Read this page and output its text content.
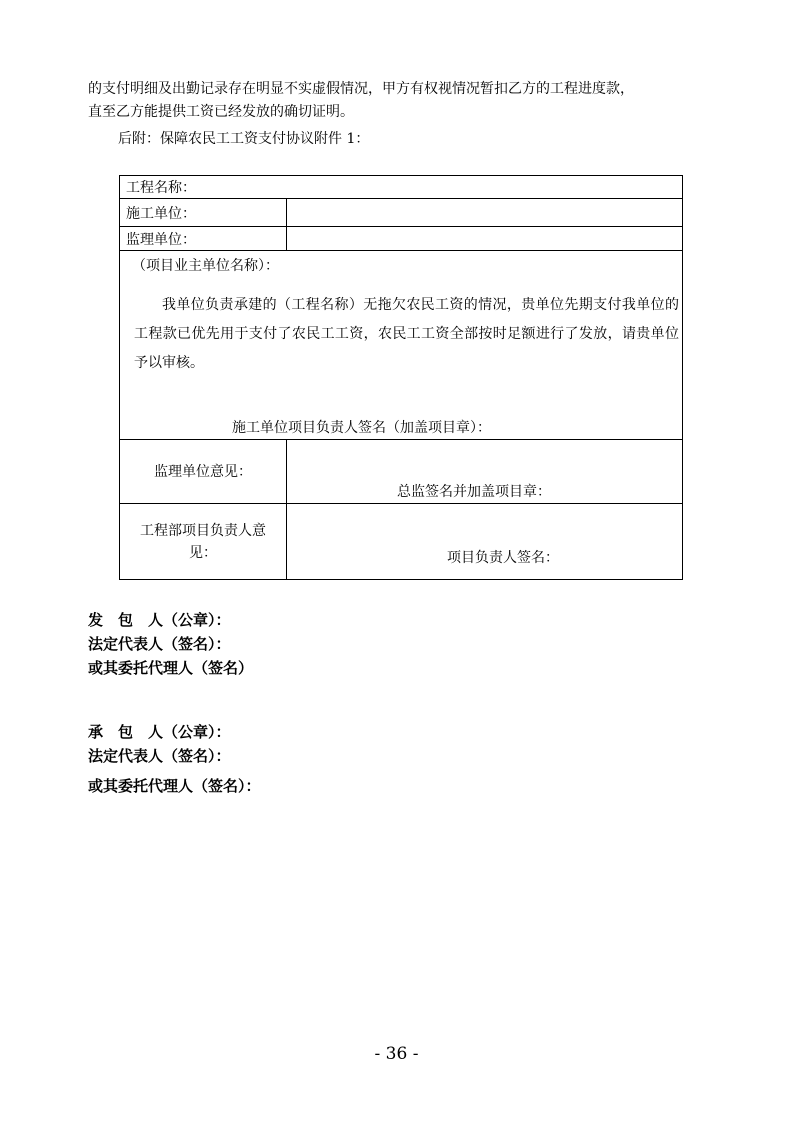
的支付明细及出勤记录存在明显不实虚假情况，甲方有权视情况暂扣乙方的工程进度款，
直至乙方能提供工资已经发放的确切证明。
后附：保障农民工工资支付协议附件 1：
工程名称：	
施工单位：	
监理单位：	

（项目业主单位名称）：
我单位负责承建的（工程名称）无拖欠农民工资的情况，贵单位先期支付我单位的工程款已优先用于支付了农民工工资，农民工工资全部按时足额进行了发放，请贵单位予以审核。
施工单位项目负责人签名（加盖项目章）：	

监理单位意见：	总监签名并加盖项目章：

工程部项目负责人意
见：	项目负责人签名：
发　包　人（公章）：
法定代表人（签名）：
或其委托代理人（签名）
承　包　人（公章）：
法定代表人（签名）：
或其委托代理人（签名）：
- 36 -
